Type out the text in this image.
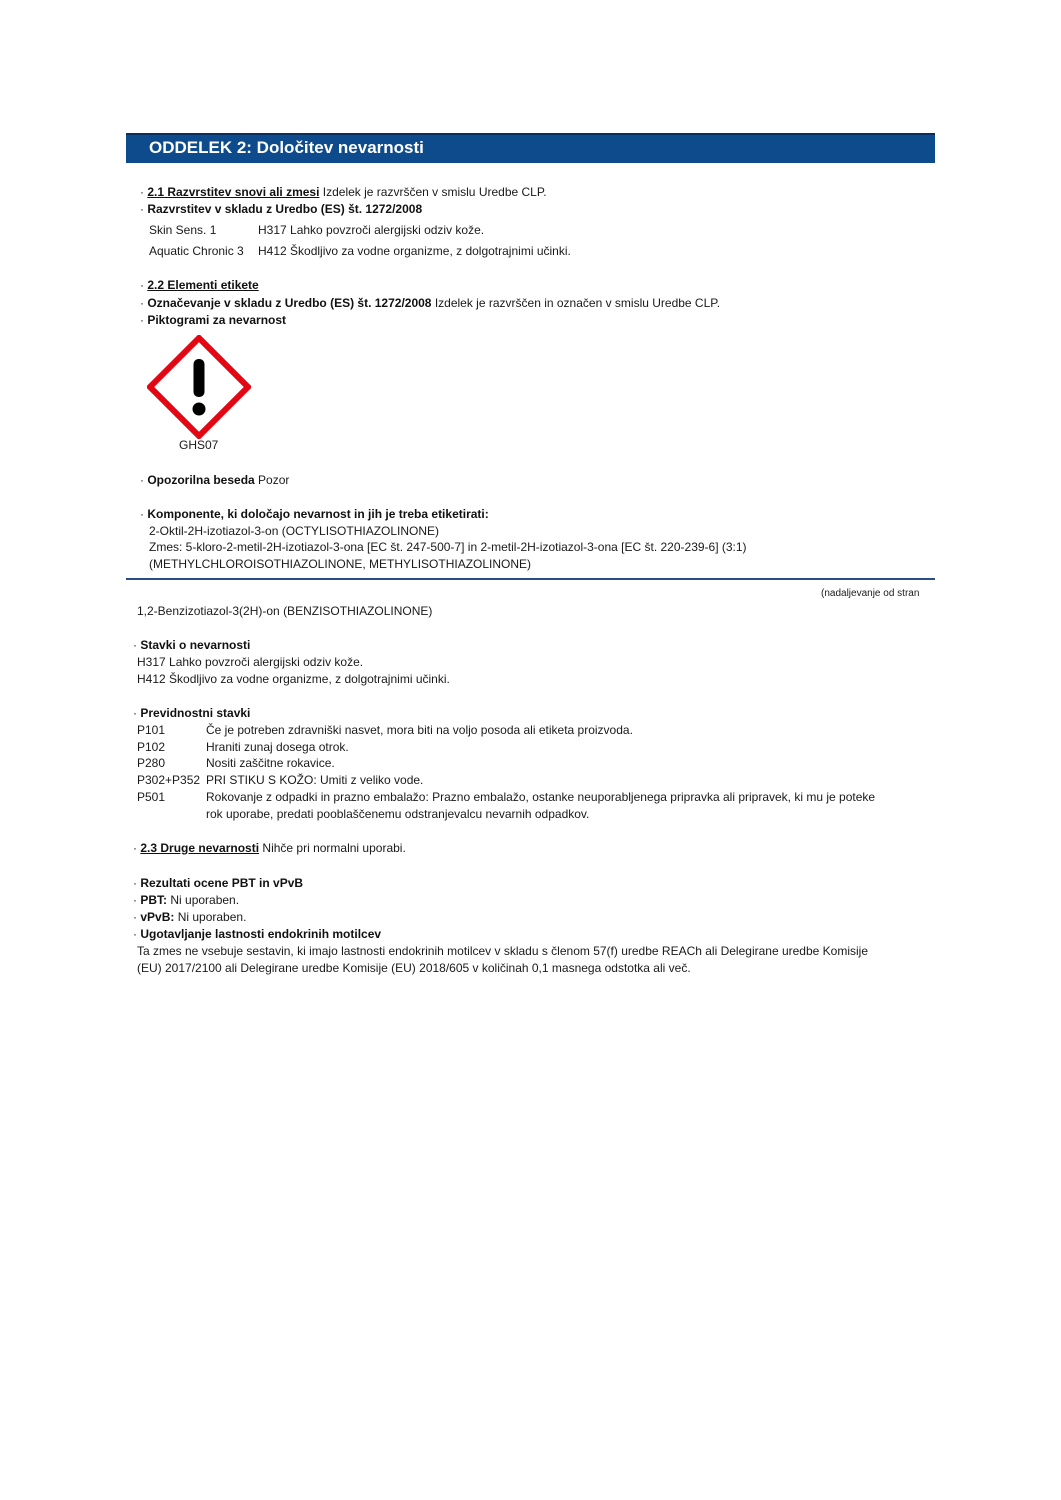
ODDELEK 2: Določitev nevarnosti
· 2.1 Razvrstitev snovi ali zmesi Izdelek je razvrščen v smislu Uredbe CLP.
· Razvrstitev v skladu z Uredbo (ES) št. 1272/2008
Skin Sens. 1	H317 Lahko povzroči alergijski odziv kože.
Aquatic Chronic 3 H412 Škodljivo za vodne organizme, z dolgotrajnimi učinki.
· 2.2 Elementi etikete
· Označevanje v skladu z Uredbo (ES) št. 1272/2008 Izdelek je razvrščen in označen v smislu Uredbe CLP.
· Piktogrami za nevarnost
GHS07
· Opozorilna beseda Pozor
· Komponente, ki določajo nevarnost in jih je treba etiketirati:
2-Oktil-2H-izotiazol-3-on (OCTYLISOTHIAZOLINONE)
Zmes: 5-kloro-2-metil-2H-izotiazol-3-ona [EC št. 247-500-7] in 2-metil-2H-izotiazol-3-ona [EC št. 220-239-6] (3:1)
(METHYLCHLOROISOTHIAZOLINONE, METHYLISOTHIAZOLINONE)
(nadaljevanje od stran
1,2-Benzizotiazol-3(2H)-on (BENZISOTHIAZOLINONE)
· Stavki o nevarnosti
H317 Lahko povzroči alergijski odziv kože.
H412 Škodljivo za vodne organizme, z dolgotrajnimi učinki.
· Previdnostni stavki
P101	Če je potreben zdravniški nasvet, mora biti na voljo posoda ali etiketa proizvoda.
P102	Hraniti zunaj dosega otrok.
P280	Nositi zaščitne rokavice.
P302+P352 PRI STIKU S KOŽO: Umiti z veliko vode.
P501	Rokovanje z odpadki in prazno embalažo: Prazno embalažo, ostanke neuporabljenega pripravka ali pripravek, ki mu je poteke
rok uporabe, predati pooblaščenemu odstranjevalcu nevarnih odpadkov.
· 2.3 Druge nevarnosti Nihče pri normalni uporabi.
· Rezultati ocene PBT in vPvB
· PBT: Ni uporaben.
· vPvB: Ni uporaben.
· Ugotavljanje lastnosti endokrinih motilcev
Ta zmes ne vsebuje sestavin, ki imajo lastnosti endokrinih motilcev v skladu s členom 57(f) uredbe REACh ali Delegirane uredbe Komisije
(EU) 2017/2100 ali Delegirane uredbe Komisije (EU) 2018/605 v količinah 0,1 masnega odstotka ali več.
